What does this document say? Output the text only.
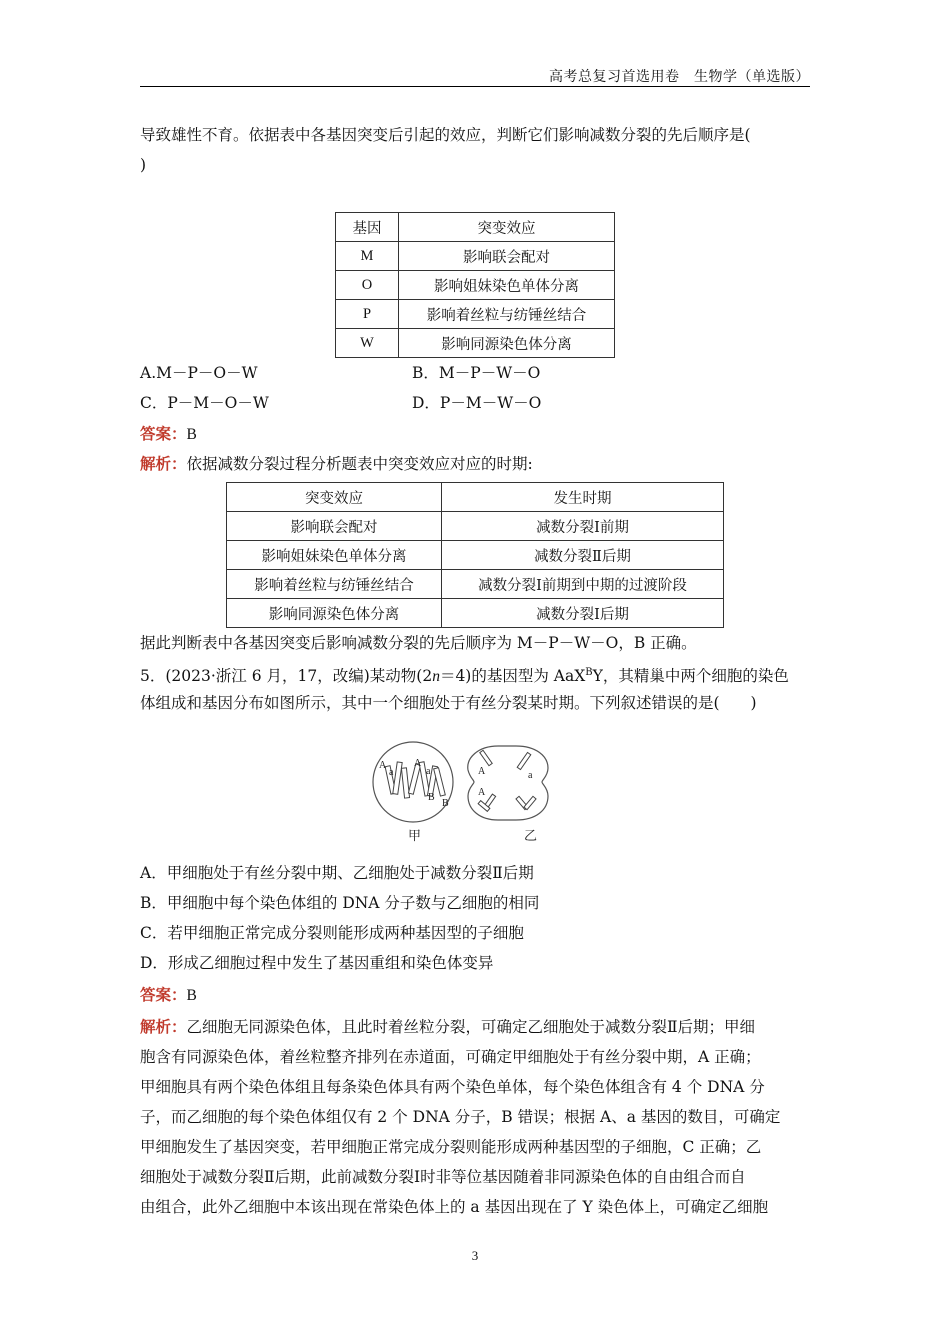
高考总复习首选用卷　生物学（单选版）
导致雄性不育。依据表中各基因突变后引起的效应，判断它们影响减数分裂的先后顺序是(
)
基因	突变效应
M	影响联会配对
O	影响姐妹染色单体分离
P	影响着丝粒与纺锤丝结合
W	影响同源染色体分离
A.M－P－O－W	B．M－P－W－O
C．P－M－O－W	D．P－M－W－O
答案：B
解析：依据减数分裂过程分析题表中突变效应对应的时期:
突变效应	发生时期
影响联会配对	减数分裂Ⅰ前期
影响姐妹染色单体分离	减数分裂Ⅱ后期
影响着丝粒与纺锤丝结合	减数分裂Ⅰ前期到中期的过渡阶段
影响同源染色体分离	减数分裂Ⅰ后期
据此判断表中各基因突变后影响减数分裂的先后顺序为 M－P－W－O，B 正确。
5．(2023·浙江 6 月，17，改编)某动物(2n＝4)的基因型为 AaX$^B$Y，其精巢中两个细胞的染色
体组成和基因分布如图所示，其中一个细胞处于有丝分裂某时期。下列叙述错误的是(　　)
A
a
A
a
B
B
甲
A	a
A
乙
A．甲细胞处于有丝分裂中期、乙细胞处于减数分裂Ⅱ后期
B．甲细胞中每个染色体组的 DNA 分子数与乙细胞的相同
C．若甲细胞正常完成分裂则能形成两种基因型的子细胞
D．形成乙细胞过程中发生了基因重组和染色体变异
答案：B
解析：乙细胞无同源染色体，且此时着丝粒分裂，可确定乙细胞处于减数分裂Ⅱ后期；甲细
胞含有同源染色体，着丝粒整齐排列在赤道面，可确定甲细胞处于有丝分裂中期，A 正确；
甲细胞具有两个染色体组且每条染色体具有两个染色单体，每个染色体组含有 4 个 DNA 分
子，而乙细胞的每个染色体组仅有 2 个 DNA 分子，B 错误；根据 A、a 基因的数目，可确定
甲细胞发生了基因突变，若甲细胞正常完成分裂则能形成两种基因型的子细胞，C 正确；乙
细胞处于减数分裂Ⅱ后期，此前减数分裂Ⅰ时非等位基因随着非同源染色体的自由组合而自
由组合，此外乙细胞中本该出现在常染色体上的 a 基因出现在了 Y 染色体上，可确定乙细胞
3
